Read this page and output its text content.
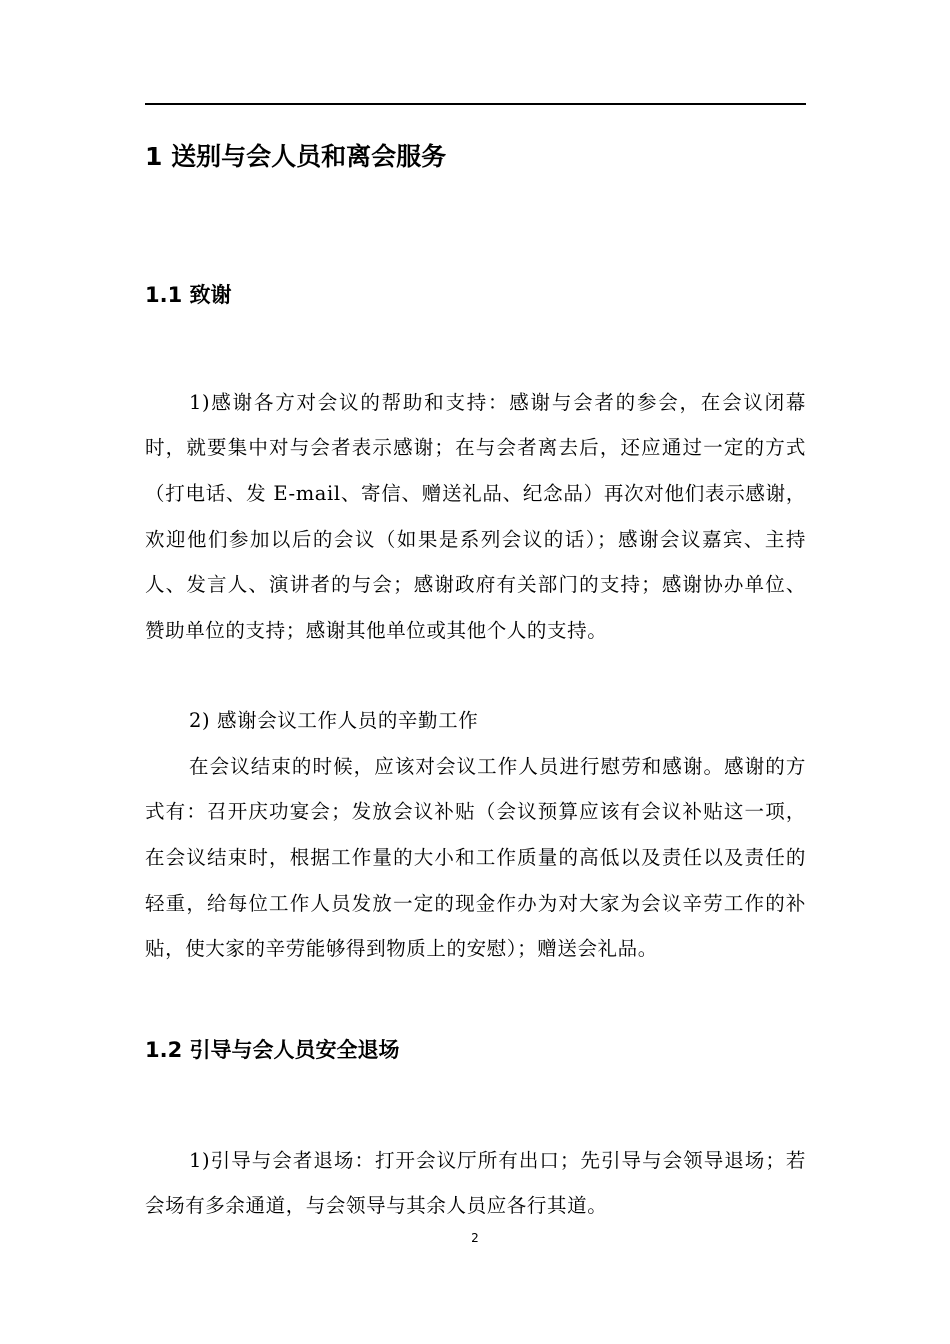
1 送别与会人员和离会服务
1.1 致谢

1)感谢各方对会议的帮助和支持：感谢与会者的参会，在会议闭幕时，就要集中对与会者表示感谢；在与会者离去后，还应通过一定的方式（打电话、发 E-mail、寄信、赠送礼品、纪念品）再次对他们表示感谢，欢迎他们参加以后的会议（如果是系列会议的话）；感谢会议嘉宾、主持人、发言人、演讲者的与会；感谢政府有关部门的支持；感谢协办单位、赞助单位的支持；感谢其他单位或其他个人的支持。

2) 感谢会议工作人员的辛勤工作

在会议结束的时候，应该对会议工作人员进行慰劳和感谢。感谢的方式有：召开庆功宴会；发放会议补贴（会议预算应该有会议补贴这一项，在会议结束时，根据工作量的大小和工作质量的高低以及责任以及责任的轻重，给每位工作人员发放一定的现金作办为对大家为会议辛劳工作的补贴，使大家的辛劳能够得到物质上的安慰）；赠送会礼品。

1.2 引导与会人员安全退场

1)引导与会者退场：打开会议厅所有出口；先引导与会领导退场；若会场有多余通道，与会领导与其余人员应各行其道。

2
